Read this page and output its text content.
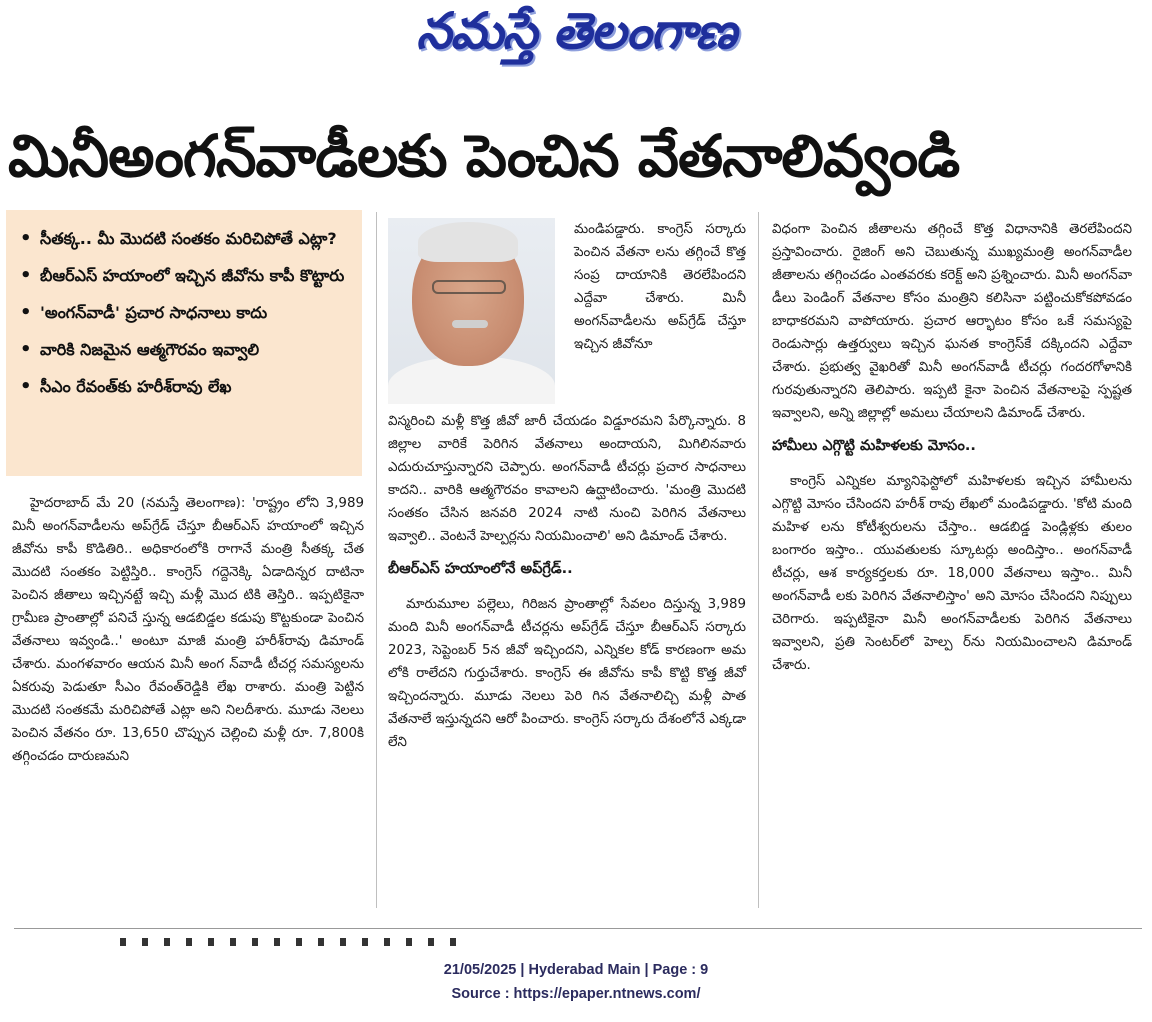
నమస్తే తెలంగాణ
మినీఅంగన్‌వాడీలకు పెంచిన వేతనాలివ్వండి
• సీతక్క.. మీ మొదటి సంతకం మరిచిపోతే ఎట్లా?
• బీఆర్‌ఎస్ హయాంలో ఇచ్చిన జీవోను కాపీ కొట్టారు
• 'అంగన్‌వాడీ' ప్రచార సాధనాలు కాదు
• వారికి నిజమైన ఆత్మగౌరవం ఇవ్వాలి
• సీఎం రేవంత్‌కు హరీశ్‌రావు లేఖ

హైదరాబాద్ మే 20 (నమస్తే తెలంగాణ): 'రాష్ట్రం లోని 3,989 మినీ అంగన్‌వాడీలను అప్‌గ్రేడ్ చేస్తూ బీఆర్‌ఎస్ హయాంలో ఇచ్చిన జీవోను కాపీ కొడితిరి.. అధికారంలోకి రాగానే మంత్రి సీతక్క చేత మొదటి సంతకం పెట్టిస్తిరి.. కాంగ్రెస్ గద్దెనెక్కి ఏడాదిన్నర దాటినా పెంచిన జీతాలు ఇచ్చినట్టే ఇచ్చి మళ్లీ మొద టికి తెస్తిరి.. ఇప్పటికైనా గ్రామీణ ప్రాంతాల్లో పనిచే స్తున్న ఆడబిడ్డల కడుపు కొట్టకుండా పెంచిన వేతనాలు ఇవ్వండి..' అంటూ మాజీ మంత్రి హరీశ్‌రావు డిమాండ్ చేశారు. మంగళవారం ఆయన మినీ అంగ న్‌వాడీ టీచర్ల సమస్యలను ఏకరువు పెడుతూ సీఎం రేవంత్‌రెడ్డికి లేఖ రాశారు. మంత్రి పెట్టిన మొదటి సంతకమే మరిచిపోతే ఎట్లా అని నిలదీశారు. మూడు నెలలు పెంచిన వేతనం రూ. 13,650 చొప్పున చెల్లించి మళ్లీ రూ. 7,800కి తగ్గించడం దారుణమని

మండిపడ్డారు. కాంగ్రెస్ సర్కారు పెంచిన వేతనా లను తగ్గించే కొత్త సంప్ర దాయానికి తెరలేపిందని ఎద్దేవా చేశారు. మినీ అంగన్‌వాడీలను అప్‌గ్రేడ్ చేస్తూ ఇచ్చిన జీవోనూ

విస్మరించి మళ్లీ కొత్త జీవో జారీ చేయడం విడ్డూరమని పేర్కొన్నారు. 8 జిల్లాల వారికే పెరిగిన వేతనాలు అందాయని, మిగిలినవారు ఎదురుచూస్తున్నారని చెప్పారు. అంగన్‌వాడీ టీచర్లు ప్రచార సాధనాలు కాదని.. వారికి ఆత్మగౌరవం కావాలని ఉద్ఘాటించారు. 'మంత్రి మొదటి సంతకం చేసిన జనవరి 2024 నాటి నుంచి పెరిగిన వేతనాలు ఇవ్వాలి.. వెంటనే హెల్పర్లను నియమించాలి' అని డిమాండ్ చేశారు.

బీఆర్‌ఎస్ హయాంలోనే అప్‌గ్రేడ్..

మారుమూల పల్లెలు, గిరిజన ప్రాంతాల్లో సేవలం దిస్తున్న 3,989 మంది మినీ అంగన్‌వాడీ టీచర్లను అప్‌గ్రేడ్ చేస్తూ బీఆర్‌ఎస్ సర్కారు 2023, సెప్టెంబర్ 5న జీవో ఇచ్చిందని, ఎన్నికల కోడ్ కారణంగా అమ లోకి రాలేదని గుర్తుచేశారు. కాంగ్రెస్ ఈ జీవోను కాపీ కొట్టి కొత్త జీవో ఇచ్చిందన్నారు. మూడు నెలలు పెరి గిన వేతనాలిచ్చి మళ్లీ పాత వేతనాలే ఇస్తున్నదని ఆరో పించారు. కాంగ్రెస్ సర్కారు దేశంలోనే ఎక్కడా లేని

విధంగా పెంచిన జీతాలను తగ్గించే కొత్త విధానానికి తెరలేపిందని ప్రస్తావించారు. రైజింగ్ అని చెబుతున్న ముఖ్యమంత్రి అంగన్‌వాడీల జీతాలను తగ్గించడం ఎంతవరకు కరెక్ట్ అని ప్రశ్నించారు. మినీ అంగన్‌వా డీలు పెండింగ్ వేతనాల కోసం మంత్రిని కలిసినా పట్టించుకోకపోవడం బాధాకరమని వాపోయారు. ప్రచార ఆర్భాటం కోసం ఒకే సమస్యపై రెండుసార్లు ఉత్తర్వులు ఇచ్చిన ఘనత కాంగ్రెస్‌కే దక్కిందని ఎద్దేవా చేశారు. ప్రభుత్వ వైఖరితో మినీ అంగన్‌వాడీ టీచర్లు గందరగోళానికి గురవుతున్నారని తెలిపారు. ఇప్పటి కైనా పెంచిన వేతనాలపై స్పష్టత ఇవ్వాలని, అన్ని జిల్లాల్లో అమలు చేయాలని డిమాండ్ చేశారు.

హామీలు ఎగ్గొట్టి మహిళలకు మోసం..

కాంగ్రెస్ ఎన్నికల మ్యానిఫెస్టోలో మహిళలకు ఇచ్చిన హామీలను ఎగ్గొట్టి మోసం చేసిందని హరీశ్ రావు లేఖలో మండిపడ్డారు. 'కోటి మంది మహిళ లను కోటీశ్వరులను చేస్తాం.. ఆడబిడ్డ పెండ్లిళ్లకు తులం బంగారం ఇస్తాం.. యువతులకు స్కూటర్లు అందిస్తాం.. అంగన్‌వాడీ టీచర్లు, ఆశ కార్యకర్తలకు రూ. 18,000 వేతనాలు ఇస్తాం.. మినీ అంగన్‌వాడీ లకు పెరిగిన వేతనాలిస్తాం' అని మోసం చేసిందని నిప్పులు చెరిగారు. ఇప్పటికైనా మినీ అంగన్‌వాడీలకు పెరిగిన వేతనాలు ఇవ్వాలని, ప్రతి సెంటర్‌లో హెల్ప ర్‌ను నియమించాలని డిమాండ్ చేశారు.

21/05/2025 | Hyderabad Main | Page : 9
Source : https://epaper.ntnews.com/
